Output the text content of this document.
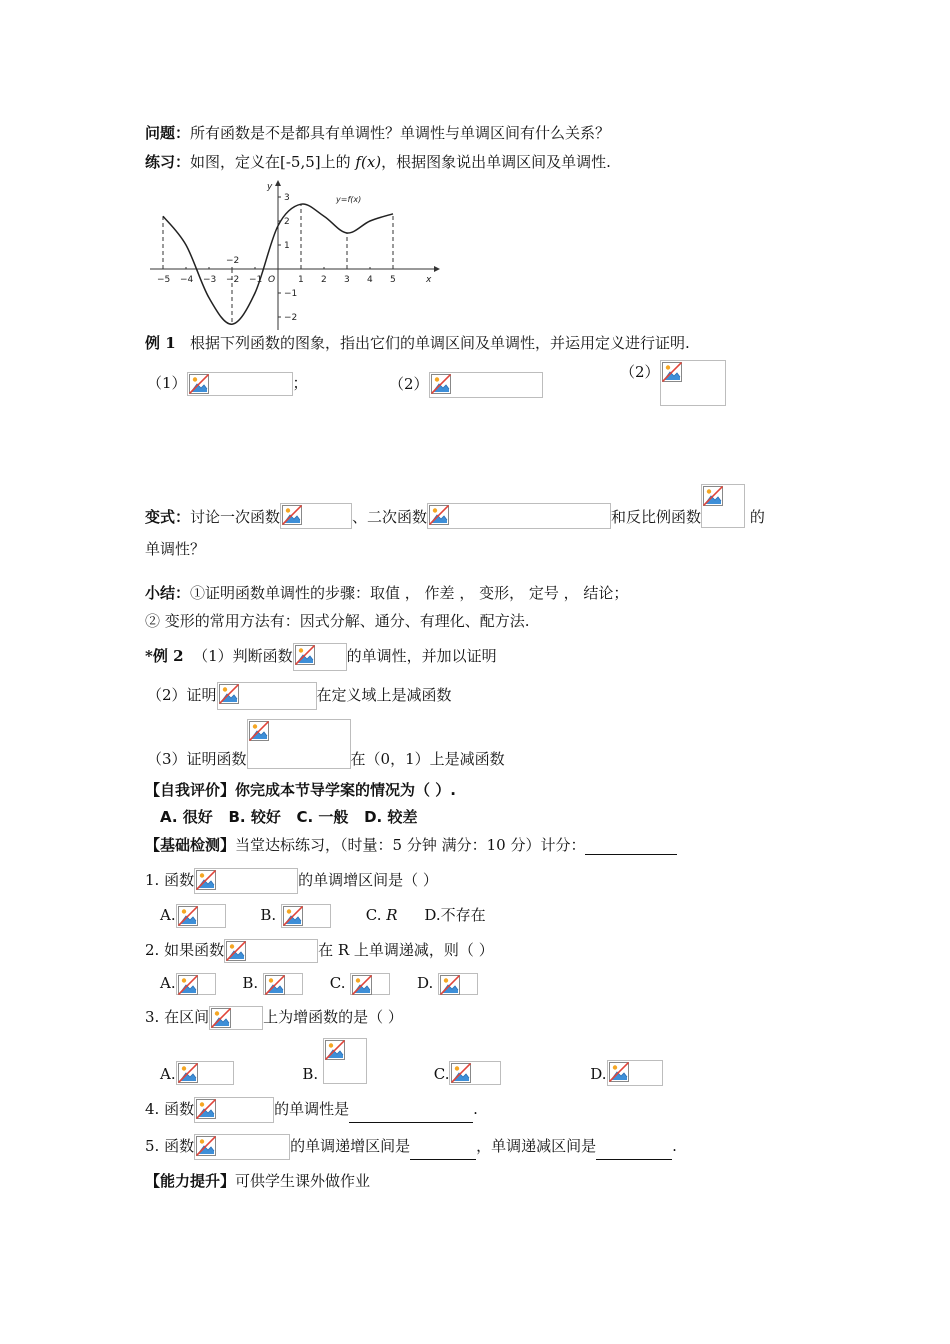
问题：所有函数是不是都具有单调性？单调性与单调区间有什么关系？
练习：如图，定义在[-5,5]上的 f(x)，根据图象说出单调区间及单调性.
−5 −4 −3 −2 −1	1 2 3 4 5
3
2
1
−1
−2
O
y
x
y=f(x)
−2
例 1 根据下列函数的图象，指出它们的单调区间及单调性，并运用定义进行证明.
（1）	；	（2）
（2）
变式：讨论一次函数	、二次函数	和反比例函数	的
单调性？
小结：①证明函数单调性的步骤：取值 ， 作差 ， 变形， 定号 ， 结论；
② 变形的常用方法有：因式分解、通分、有理化、配方法.
*例 2 （1）判断函数	的单调性，并加以证明
（2）证明	在定义域上是减函数
（3）证明函数	在（0，1）上是减函数
【自我评价】你完成本节导学案的情况为（ ）.
A. 很好   B. 较好   C. 一般   D. 较差
【基础检测】当堂达标练习，（时量：5 分钟 满分：10 分）计分：
1. 函数	的单调增区间是（ ）
A.	B.	C. R D.不存在
2. 如果函数	在 R 上单调递减，则（ ）
A.	B.	C.	D.
3. 在区间	上为增函数的是（ ）
A.	B.	C.	D.
4. 函数	的单调性是	.
5. 函数	的单调递增区间是	，单调递减区间是	.
【能力提升】可供学生课外做作业
